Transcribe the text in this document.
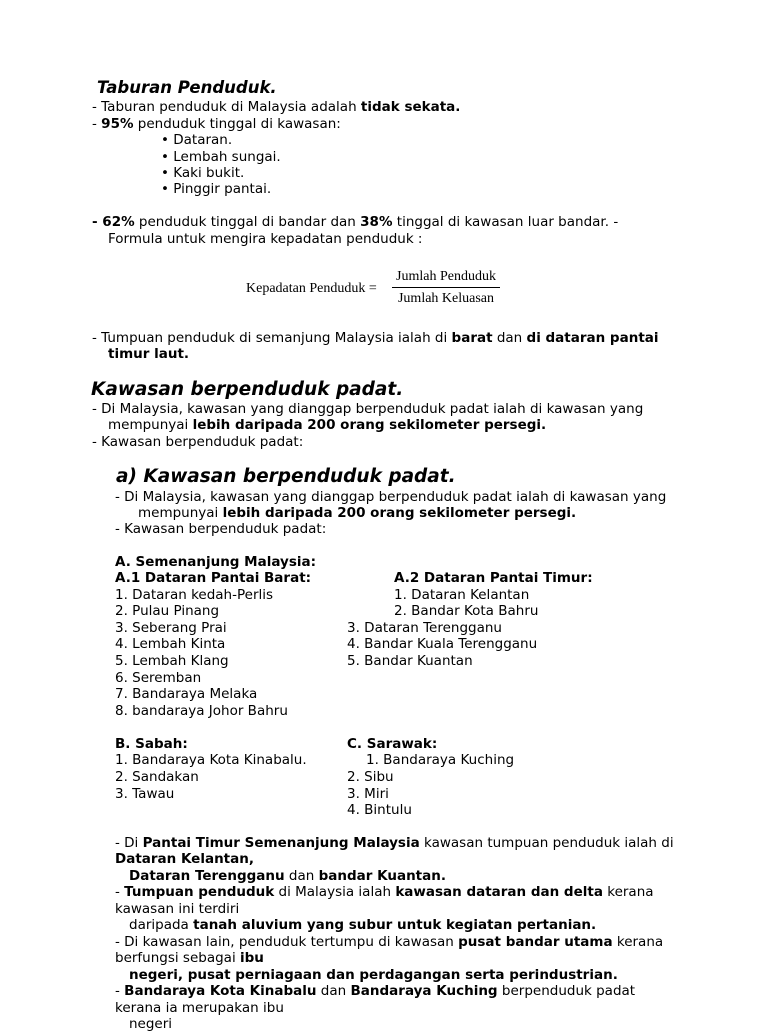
Taburan Penduduk.
- Taburan penduduk di Malaysia adalah tidak sekata.
- 95% penduduk tinggal di kawasan:
• Dataran.
• Lembah sungai.
• Kaki bukit.
• Pinggir pantai.
- 62% penduduk tinggal di bandar dan 38% tinggal di kawasan luar bandar. -
Formula untuk mengira kepadatan penduduk :
Kepadatan Penduduk =
Jumlah Penduduk
Jumlah Keluasan
- Tumpuan penduduk di semanjung Malaysia ialah di barat dan di dataran pantai
timur laut.
Kawasan berpenduduk padat.
- Di Malaysia, kawasan yang dianggap berpenduduk padat ialah di kawasan yang
mempunyai lebih daripada 200 orang sekilometer persegi.
- Kawasan berpenduduk padat:
a) Kawasan berpenduduk padat.
- Di Malaysia, kawasan yang dianggap berpenduduk padat ialah di kawasan yang
mempunyai lebih daripada 200 orang sekilometer persegi.
- Kawasan berpenduduk padat:
A. Semenanjung Malaysia:
A.1 Dataran Pantai Barat:	A.2 Dataran Pantai Timur:
1. Dataran kedah-Perlis
2. Pulau Pinang
3. Seberang Prai
4. Lembah Kinta
5. Lembah Klang
6. Seremban
7. Bandaraya Melaka
8. bandaraya Johor Bahru
1. Dataran Kelantan
2. Bandar Kota Bahru
3. Dataran Terengganu
4. Bandar Kuala Terengganu
5. Bandar Kuantan
B. Sabah:	C. Sarawak:
1. Bandaraya Kota Kinabalu.
2. Sandakan
3. Tawau
1. Bandaraya Kuching
2. Sibu
3. Miri
4. Bintulu
- Di Pantai Timur Semenanjung Malaysia kawasan tumpuan penduduk ialah di
Dataran Kelantan,
Dataran Terengganu dan bandar Kuantan.
- Tumpuan penduduk di Malaysia ialah kawasan dataran dan delta kerana
kawasan ini terdiri
daripada tanah aluvium yang subur untuk kegiatan pertanian.
- Di kawasan lain, penduduk tertumpu di kawasan pusat bandar utama kerana
berfungsi sebagai ibu
negeri, pusat perniagaan dan perdagangan serta perindustrian.
- Bandaraya Kota Kinabalu dan Bandaraya Kuching berpenduduk padat
kerana ia merupakan ibu
negeri
